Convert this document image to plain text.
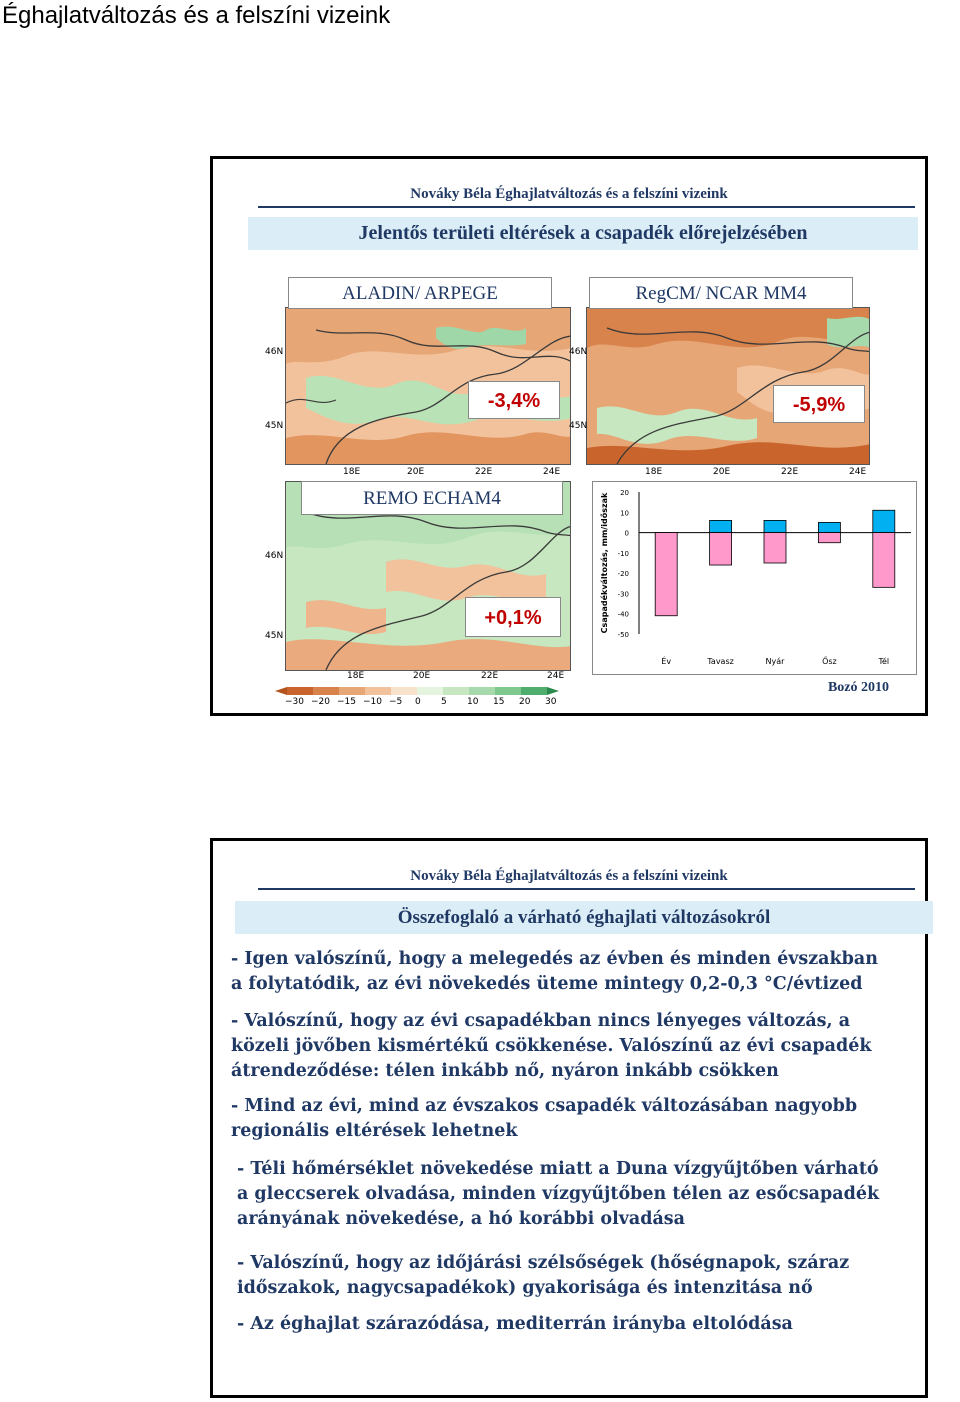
Éghajlatváltozás és a felszíni vizeink
Nováky Béla Éghajlatváltozás és a felszíni vizeink
Jelentős területi eltérések a csapadék előrejelzésében
46N
45N
18E	20E	22E	24E
ALADIN/ ARPEGE
-3,4%
46N
45N
18E	20E	22E	24E
RegCM/ NCAR MM4
-5,9%
46N
45N
18E	20E	22E	24E
REMO ECHAM4
+0,1%
−30 −20 −15 −10 −5 0 5 10 15 20 30
Csapadékváltozás, mm/időszak 20
10
0
-10
-20
-30
-40
-50
Év	Tavasz	Nyár	Ősz	Tél
Bozó 2010
Nováky Béla Éghajlatváltozás és a felszíni vizeink
Összefoglaló a várható éghajlati változásokról

- Igen valószínű, hogy a melegedés az évben és minden évszakban
a folytatódik, az évi növekedés üteme mintegy 0,2-0,3 °C/évtized

- Valószínű, hogy az évi csapadékban nincs lényeges változás, a
közeli jövőben kismértékű csökkenése. Valószínű az évi csapadék
átrendeződése: télen inkább nő, nyáron inkább csökken

- Mind az évi, mind az évszakos csapadék változásában nagyobb
regionális eltérések lehetnek

- Téli hőmérséklet növekedése miatt a Duna vízgyűjtőben várható
a gleccserek olvadása, minden vízgyűjtőben télen az esőcsapadék
arányának növekedése, a hó korábbi olvadása

- Valószínű, hogy az időjárási szélsőségek (hőségnapok, száraz
időszakok, nagycsapadékok) gyakorisága és intenzitása nő

- Az éghajlat szárazódása, mediterrán irányba eltolódása
